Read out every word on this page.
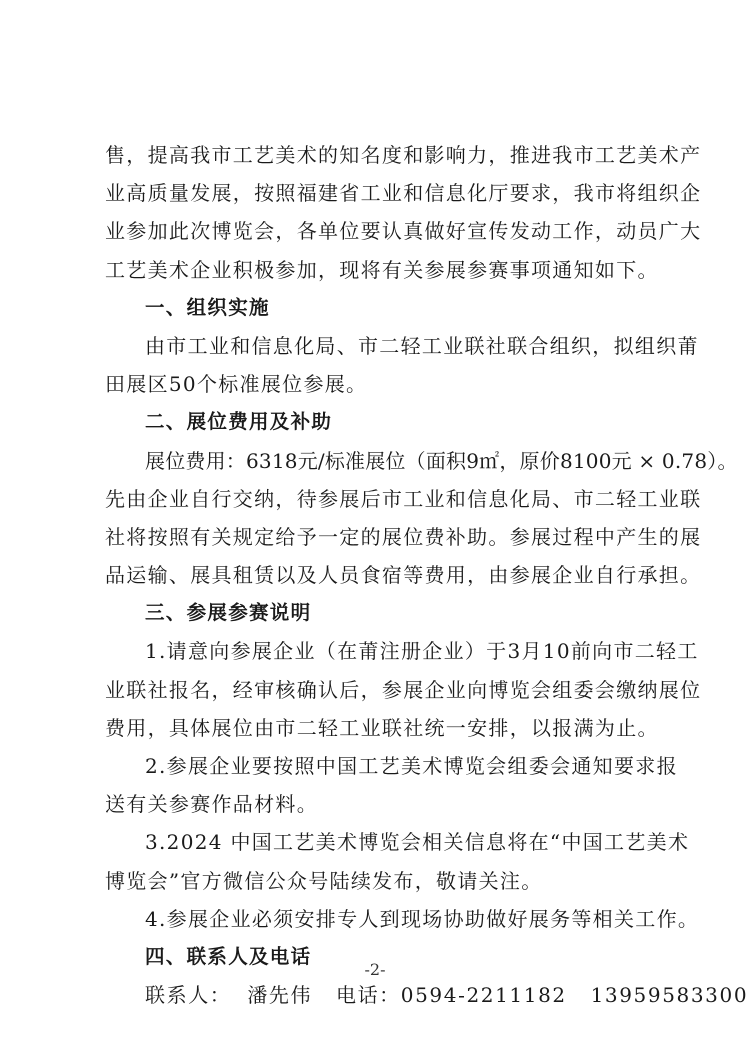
售，提高我市工艺美术的知名度和影响力，推进我市工艺美术产
业高质量发展，按照福建省工业和信息化厅要求，我市将组织企
业参加此次博览会，各单位要认真做好宣传发动工作，动员广大
工艺美术企业积极参加，现将有关参展参赛事项通知如下。
一、组织实施
由市工业和信息化局、市二轻工业联社联合组织，拟组织莆
田展区50个标准展位参展。
二、展位费用及补助
展位费用：6318元/标准展位（面积9㎡，原价8100元 × 0.78）。
先由企业自行交纳，待参展后市工业和信息化局、市二轻工业联
社将按照有关规定给予一定的展位费补助。参展过程中产生的展
品运输、展具租赁以及人员食宿等费用，由参展企业自行承担。
三、参展参赛说明
1.请意向参展企业（在莆注册企业）于3月10前向市二轻工
业联社报名，经审核确认后，参展企业向博览会组委会缴纳展位
费用，具体展位由市二轻工业联社统一安排，以报满为止。
2.参展企业要按照中国工艺美术博览会组委会通知要求报
送有关参赛作品材料。
3.2024 中国工艺美术博览会相关信息将在“中国工艺美术
博览会”官方微信公众号陆续发布，敬请关注。
4.参展企业必须安排专人到现场协助做好展务等相关工作。
四、联系人及电话
联系人：  潘先伟   电话：0594-2211182   13959583300
-2-
